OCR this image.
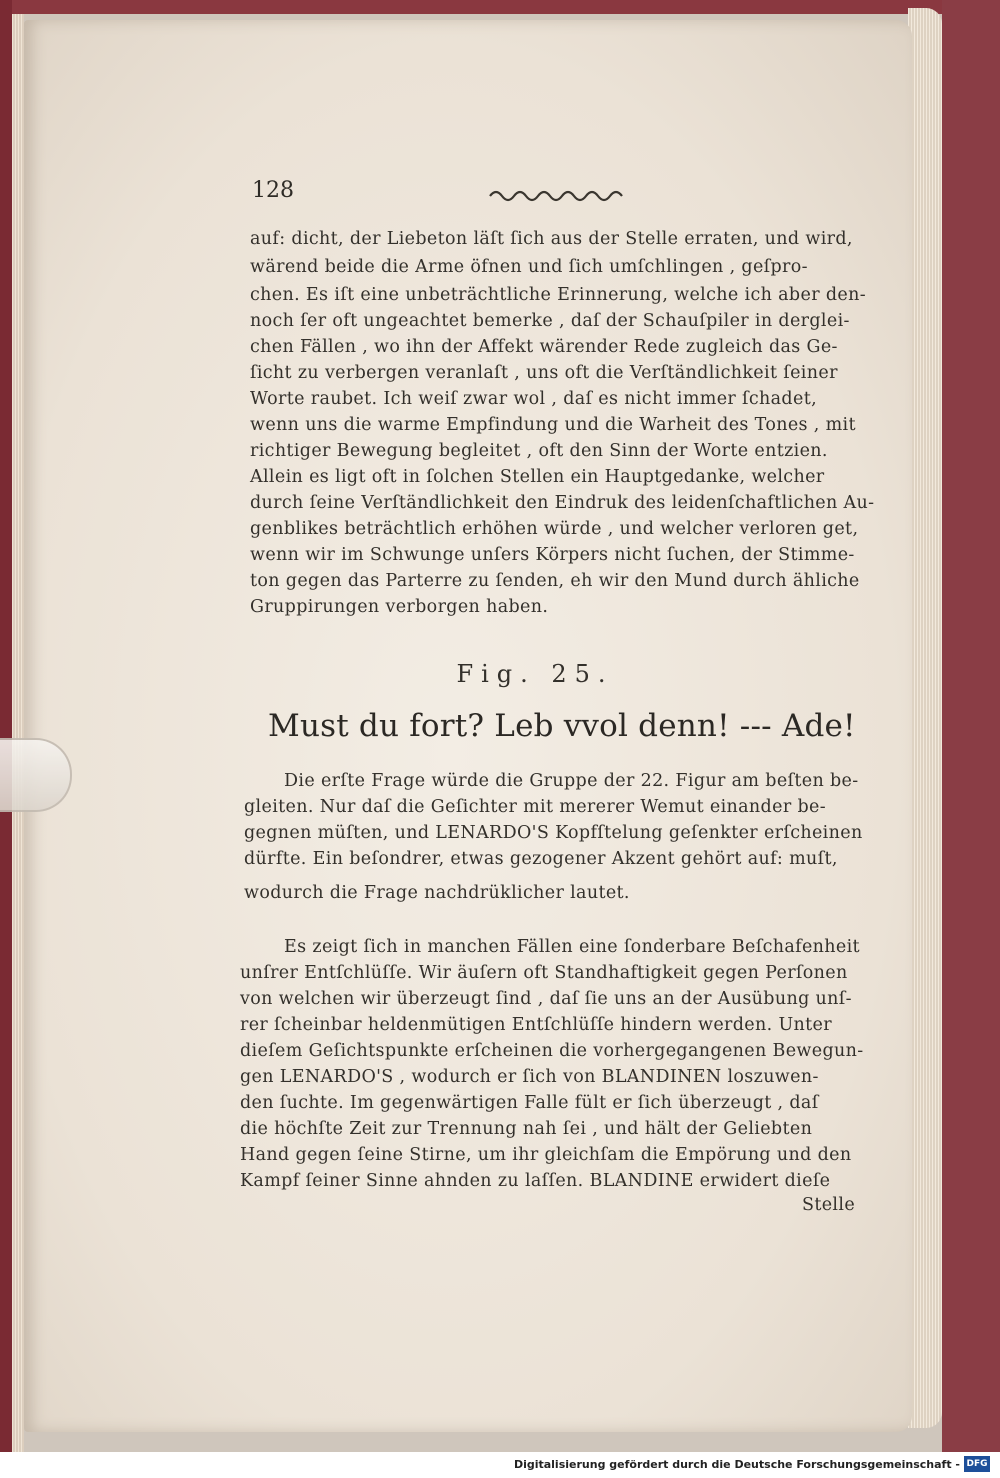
128
auf: dicht, der Liebeton läſt ſich aus der Stelle erraten, und wird,
wärend beide die Arme öfnen und ſich umſchlingen , geſpro-
chen. Es iſt eine unbeträchtliche Erinnerung, welche ich aber den-
noch ſer oft ungeachtet bemerke , daſ der Schauſpiler in derglei-
chen Fällen , wo ihn der Affekt wärender Rede zugleich das Ge-
ſicht zu verbergen veranlaſt , uns oft die Verſtändlichkeit ſeiner
Worte raubet. Ich weiſ zwar wol , daſ es nicht immer ſchadet,
wenn uns die warme Empfindung und die Warheit des Tones , mit
richtiger Bewegung begleitet , oft den Sinn der Worte entzien.
Allein es ligt oft in ſolchen Stellen ein Hauptgedanke, welcher
durch ſeine Verſtändlichkeit den Eindruk des leidenſchaftlichen Au-
genblikes beträchtlich erhöhen würde , und welcher verloren get,
wenn wir im Schwunge unſers Körpers nicht ſuchen, der Stimme-
ton gegen das Parterre zu ſenden, eh wir den Mund durch ähliche
Gruppirungen verborgen haben.
Fig. 25.
Must du fort? Leb vvol denn! --- Ade!
Die erſte Frage würde die Gruppe der 22. Figur am beſten be-
gleiten. Nur daſ die Geſichter mit mererer Wemut einander be-
gegnen müſten, und LENARDO'S Kopfſtelung geſenkter erſcheinen
dürfte. Ein beſondrer, etwas gezogener Akzent gehört auf: muſt,
wodurch die Frage nachdrüklicher lautet.
Es zeigt ſich in manchen Fällen eine ſonderbare Beſchafenheit
unſrer Entſchlüſſe. Wir äuſern oft Standhaftigkeit gegen Perſonen
von welchen wir überzeugt ſind , daſ ſie uns an der Ausübung unſ-
rer ſcheinbar heldenmütigen Entſchlüſſe hindern werden. Unter
dieſem Geſichtspunkte erſcheinen die vorhergegangenen Bewegun-
gen LENARDO'S , wodurch er ſich von BLANDINEN loszuwen-
den ſuchte. Im gegenwärtigen Falle fült er ſich überzeugt , daſ
die höchſte Zeit zur Trennung nah ſei , und hält der Geliebten
Hand gegen ſeine Stirne, um ihr gleichſam die Empörung und den
Kampf ſeiner Sinne ahnden zu laſſen. BLANDINE erwidert dieſe
Stelle
Digitalisierung gefördert durch die Deutsche Forschungsgemeinschaft - DFG
